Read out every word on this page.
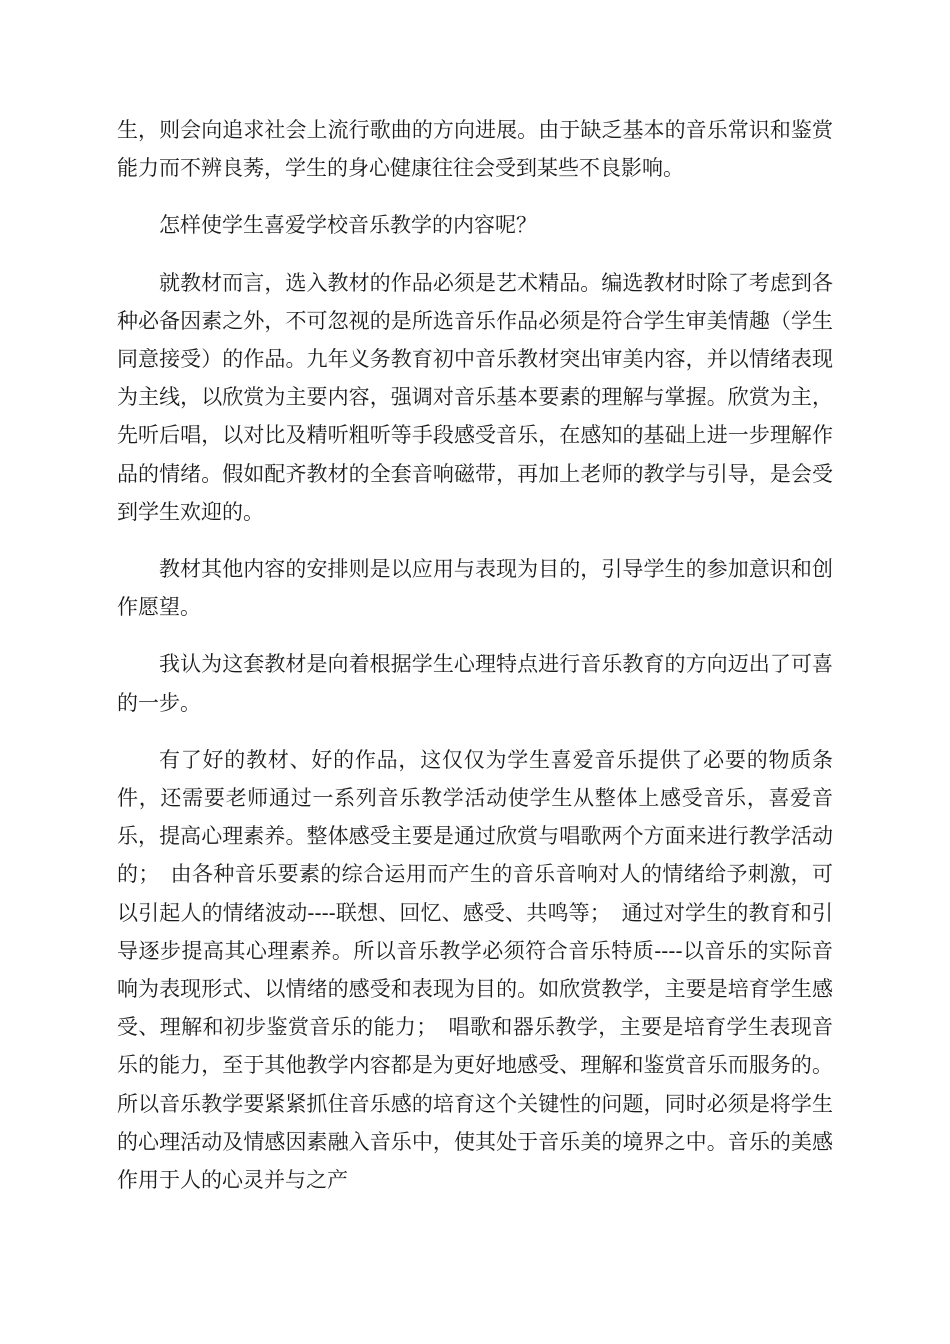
生，则会向追求社会上流行歌曲的方向进展。由于缺乏基本的音乐常识和鉴赏能力而不辨良莠，学生的身心健康往往会受到某些不良影响。

怎样使学生喜爱学校音乐教学的内容呢？

就教材而言，选入教材的作品必须是艺术精品。编选教材时除了考虑到各种必备因素之外，不可忽视的是所选音乐作品必须是符合学生审美情趣（学生同意接受）的作品。九年义务教育初中音乐教材突出审美内容，并以情绪表现为主线，以欣赏为主要内容，强调对音乐基本要素的理解与掌握。欣赏为主，先听后唱，以对比及精听粗听等手段感受音乐，在感知的基础上进一步理解作品的情绪。假如配齐教材的全套音响磁带，再加上老师的教学与引导，是会受到学生欢迎的。

教材其他内容的安排则是以应用与表现为目的，引导学生的参加意识和创作愿望。

我认为这套教材是向着根据学生心理特点进行音乐教育的方向迈出了可喜的一步。

有了好的教材、好的作品，这仅仅为学生喜爱音乐提供了必要的物质条件，还需要老师通过一系列音乐教学活动使学生从整体上感受音乐，喜爱音乐，提高心理素养。整体感受主要是通过欣赏与唱歌两个方面来进行教学活动的；　由各种音乐要素的综合运用而产生的音乐音响对人的情绪给予刺激，可以引起人的情绪波动----联想、回忆、感受、共鸣等；　通过对学生的教育和引导逐步提高其心理素养。所以音乐教学必须符合音乐特质----以音乐的实际音响为表现形式、以情绪的感受和表现为目的。如欣赏教学，主要是培育学生感受、理解和初步鉴赏音乐的能力；　唱歌和器乐教学，主要是培育学生表现音乐的能力，至于其他教学内容都是为更好地感受、理解和鉴赏音乐而服务的。所以音乐教学要紧紧抓住音乐感的培育这个关键性的问题，同时必须是将学生的心理活动及情感因素融入音乐中，使其处于音乐美的境界之中。音乐的美感作用于人的心灵并与之产
